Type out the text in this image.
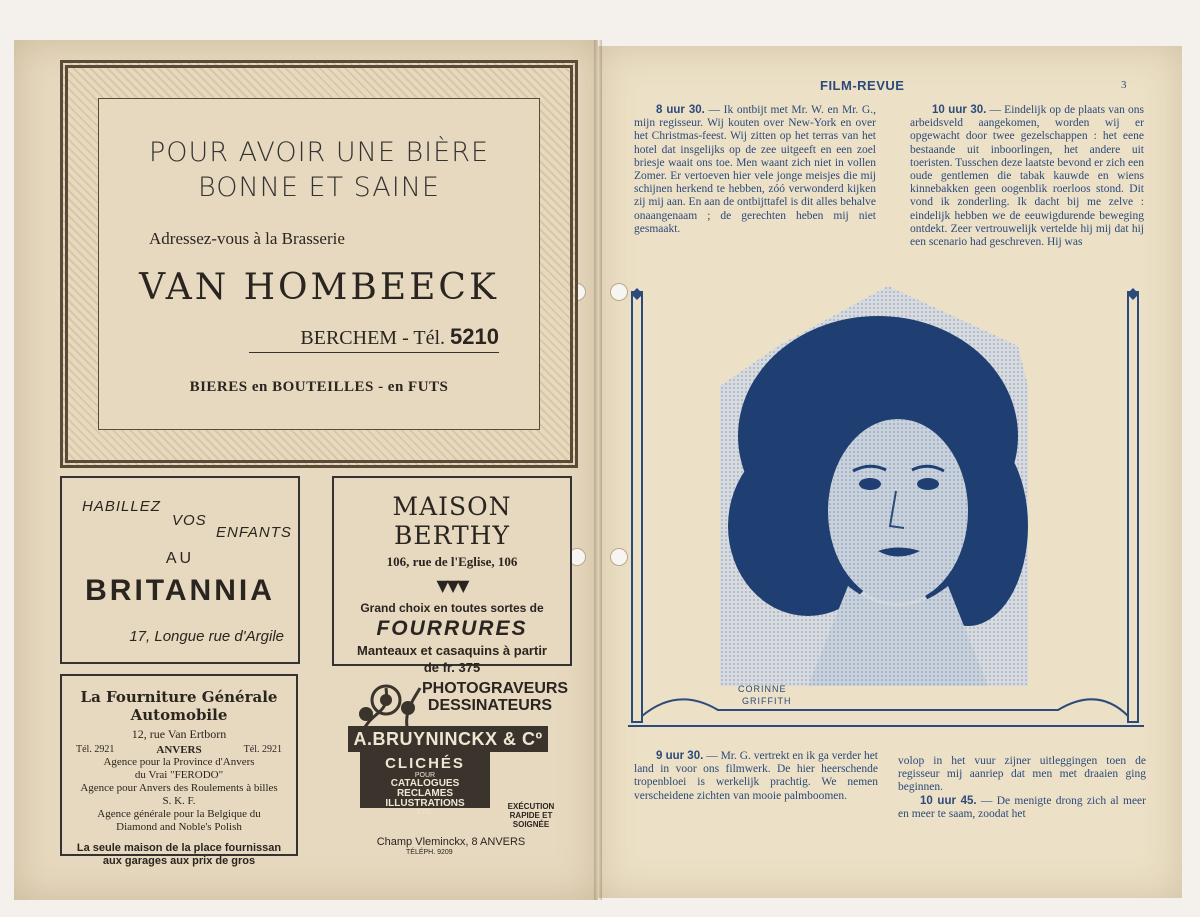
POUR AVOIR UNE BIÈRE
BONNE ET SAINE
Adressez-vous à la Brasserie
VAN HOMBEECK
BERCHEM - Tél. 5210
BIERES en BOUTEILLES - en FUTS
HABILLEZ
VOS
ENFANTS
AU
BRITANNIA
17, Longue rue d'Argile
MAISON BERTHY
106, rue de l'Eglise, 106
▼▼▼
Grand choix en toutes sortes de
FOURRURES
Manteaux et casaquins à partir
de fr. 375
La Fourniture Générale Automobile
12, rue Van Ertborn
Tél. 2921	ANVERS	Tél. 2921
Agence pour la Province d'Anvers
du Vrai "FERODO"
Agence pour Anvers des Roulements à billes
S. K. F.
Agence générale pour la Belgique du
Diamond and Noble's Polish
La seule maison de la place fournissan
aux garages aux prix de gros
PHOTOGRAVEURS
DESSINATEURS
A.BRUYNINCKX & Cº
CLICHÉS
POUR
CATALOGUES
RECLAMES
ILLUSTRATIONS
ETC.
EXÉCUTION RAPIDE ET SOIGNÉE
Champ Vleminckx, 8 ANVERS
TÉLÉPH. 9209
FILM-REVUE	3

8 uur 30. — Ik ontbijt met Mr. W. en Mr. G., mijn regisseur. Wij kouten over New-York en over het Christmas-feest. Wij zitten op het terras van het hotel dat insgelijks op de zee uitgeeft en een zoel briesje waait ons toe. Men waant zich niet in vollen Zomer. Er vertoeven hier vele jonge meisjes die mij schijnen herkend te hebben, zóó verwonderd kijken zij mij aan. En aan de ontbijttafel is dit alles behalve onaangenaam ; de gerechten heben mij niet gesmaakt.

10 uur 30. — Eindelijk op de plaats van ons arbeidsveld aangekomen, worden wij er opgewacht door twee gezelschappen : het eene bestaande uit inboorlingen, het andere uit toeristen. Tusschen deze laatste bevond er zich een oude gentlemen die tabak kauwde en wiens kinnebakken geen oogenblik roerloos stond. Dit vond ik zonderling. Ik dacht bij me zelve : eindelijk hebben we de eeuwigdurende beweging ontdekt. Zeer vertrouwelijk vertelde hij mij dat hij een scenario had geschreven. Hij was

CORINNE
GRIFFITH

9 uur 30. — Mr. G. vertrekt en ik ga verder het land in voor ons filmwerk. De hier heerschende tropenbloei is werkelijk prachtig. We nemen verscheidene zichten van mooie palmboomen.

volop in het vuur zijner uitleggingen toen de regisseur mij aanriep dat men met draaien ging beginnen.

10 uur 45. — De menigte drong zich al meer en meer te saam, zoodat het
